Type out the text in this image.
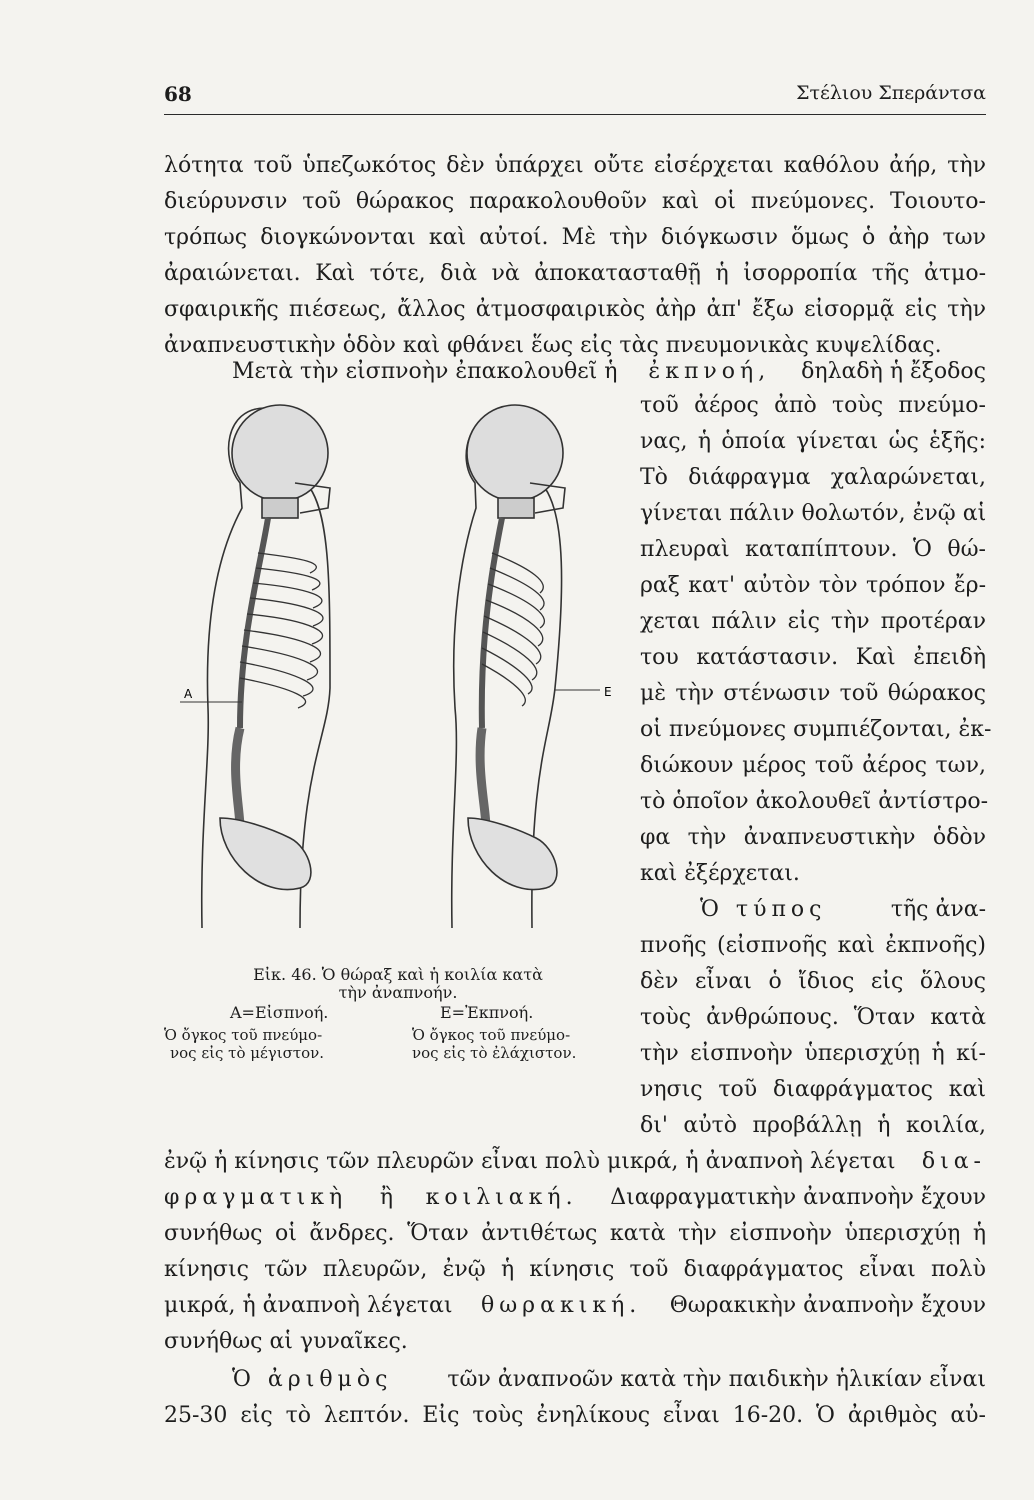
68	Στέλιου Σπεράντσα
λότητα τοῦ ὑπεζωκότος δὲν ὑπάρχει οὔτε εἰσέρχεται καθόλου ἀήρ, τὴν
διεύρυνσιν τοῦ θώρακος παρακολουθοῦν καὶ οἱ πνεύμονες. Τοιουτο-
τρόπως διογκώνονται καὶ αὐτοί. Μὲ τὴν διόγκωσιν ὅμως ὁ ἀὴρ των
ἀραιώνεται. Καὶ τότε, διὰ νὰ ἀποκατασταθῇ ἡ ἰσορροπία τῆς ἀτμο-
σφαιρικῆς πιέσεως, ἄλλος ἀτμοσφαιρικὸς ἀὴρ ἀπ' ἔξω εἰσορμᾷ εἰς τὴν
ἀναπνευστικὴν ὁδὸν καὶ φθάνει ἕως εἰς τὰς πνευμονικὰς κυψελίδας.
Μετὰ τὴν εἰσπνοὴν ἐπακολουθεῖ ἡ ἐκπνοή, δηλαδὴ ἡ ἔξοδος
τοῦ ἀέρος ἀπὸ τοὺς πνεύμο-
νας, ἡ ὁποία γίνεται ὡς ἑξῆς:
Τὸ διάφραγμα χαλαρώνεται,
γίνεται πάλιν θολωτόν, ἐνῷ αἱ
πλευραὶ καταπίπτουν. Ὁ θώ-
ραξ κατ' αὐτὸν τὸν τρόπον ἔρ-
χεται πάλιν εἰς τὴν προτέραν
του κατάστασιν. Καὶ ἐπειδὴ
μὲ τὴν στένωσιν τοῦ θώρακος
οἱ πνεύμονες συμπιέζονται, ἐκ-
διώκουν μέρος τοῦ ἀέρος των,
τὸ ὁποῖον ἀκολουθεῖ ἀντίστρο-
φα τὴν ἀναπνευστικὴν ὁδὸν
καὶ ἐξέρχεται.
Ὁ τύπος	τῆς ἀνα-
πνοῆς (εἰσπνοῆς καὶ ἐκπνοῆς)
δὲν εἶναι ὁ ἴδιος εἰς ὅλους
τοὺς ἀνθρώπους. Ὅταν κατὰ
τὴν εἰσπνοὴν ὑπερισχύῃ ἡ κί-
νησις τοῦ διαφράγματος καὶ
δι' αὐτὸ προβάλλῃ ἡ κοιλία,
ἐνῷ ἡ κίνησις τῶν πλευρῶν εἶναι πολὺ μικρά, ἡ ἀναπνοὴ λέγεται δια-
φραγματικὴ ἢ κοιλιακή. Διαφραγματικὴν ἀναπνοὴν ἔχουν
συνήθως οἱ ἄνδρες. Ὅταν ἀντιθέτως κατὰ τὴν εἰσπνοὴν ὑπερισχύῃ ἡ
κίνησις τῶν πλευρῶν, ἐνῷ ἡ κίνησις τοῦ διαφράγματος εἶναι πολὺ
μικρά, ἡ ἀναπνοὴ λέγεται θωρακική. Θωρακικὴν ἀναπνοὴν ἔχουν
συνήθως αἱ γυναῖκες.
Ὁ ἀριθμὸς τῶν ἀναπνοῶν κατὰ τὴν παιδικὴν ἡλικίαν εἶναι
25-30 εἰς τὸ λεπτόν. Εἰς τοὺς ἐνηλίκους εἶναι 16-20. Ὁ ἀριθμὸς αὐ-
A	E
Εἰκ. 46. Ὁ θώραξ καὶ ἡ κοιλία κατὰ
τὴν ἀναπνοήν.
Α=Εἰσπνοή.	Ε=Ἐκπνοή.
Ὁ ὄγκος τοῦ πνεύμο-
νος εἰς τὸ μέγιστον.
Ὁ ὄγκος τοῦ πνεύμο-
νος εἰς τὸ ἐλάχιστον.
